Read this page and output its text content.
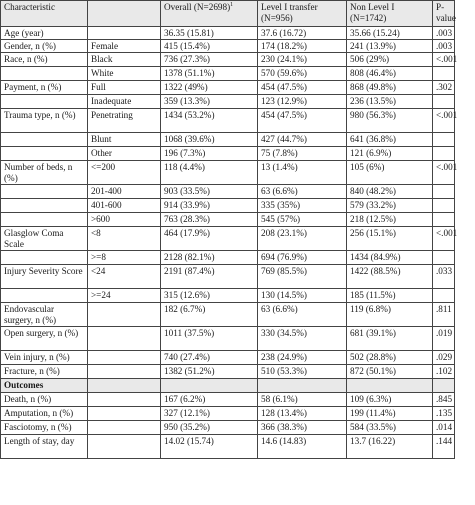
Characteristic		Overall (N=2698)$^1$	Level I transfer (N=956)	Non Level I (N=1742)	P-value
Age (year)		36.35 (15.81)	37.6 (16.72)	35.66 (15.24)	.003
Gender, n (%)	Female	415 (15.4%)	174 (18.2%)	241 (13.9%)	.003
Race, n (%)	Black	736 (27.3%)	230 (24.1%)	506 (29%)	<.001
	White	1378 (51.1%)	570 (59.6%)	808 (46.4%)	
Payment, n (%)	Full	1322 (49%)	454 (47.5%)	868 (49.8%)	.302
	Inadequate	359 (13.3%)	123 (12.9%)	236 (13.5%)	
Trauma type, n (%)	Penetrating	1434 (53.2%)	454 (47.5%)	980 (56.3%)	<.001
	Blunt	1068 (39.6%)	427 (44.7%)	641 (36.8%)	
	Other	196 (7.3%)	75 (7.8%)	121 (6.9%)	
Number of beds, n (%)	<=200	118 (4.4%)	13 (1.4%)	105 (6%)	<.001
	201-400	903 (33.5%)	63 (6.6%)	840 (48.2%)	
	401-600	914 (33.9%)	335 (35%)	579 (33.2%)	
	>600	763 (28.3%)	545 (57%)	218 (12.5%)	
Glasglow Coma Scale	<8	464 (17.9%)	208 (23.1%)	256 (15.1%)	<.001
	>=8	2128 (82.1%)	694 (76.9%)	1434 (84.9%)	
Injury Severity Score	<24	2191 (87.4%)	769 (85.5%)	1422 (88.5%)	.033
	>=24	315 (12.6%)	130 (14.5%)	185 (11.5%)	
Endovascular surgery, n (%)		182 (6.7%)	63 (6.6%)	119 (6.8%)	.811
Open surgery, n (%)		1011 (37.5%)	330 (34.5%)	681 (39.1%)	.019
Vein injury, n (%)		740 (27.4%)	238 (24.9%)	502 (28.8%)	.029
Fracture, n (%)		1382 (51.2%)	510 (53.3%)	872 (50.1%)	.102
Outcomes					
Death, n (%)		167 (6.2%)	58 (6.1%)	109 (6.3%)	.845
Amputation, n (%)		327 (12.1%)	128 (13.4%)	199 (11.4%)	.135
Fasciotomy, n (%)		950 (35.2%)	366 (38.3%)	584 (33.5%)	.014
Length of stay, day		14.02 (15.74)	14.6 (14.83)	13.7 (16.22)	.144
